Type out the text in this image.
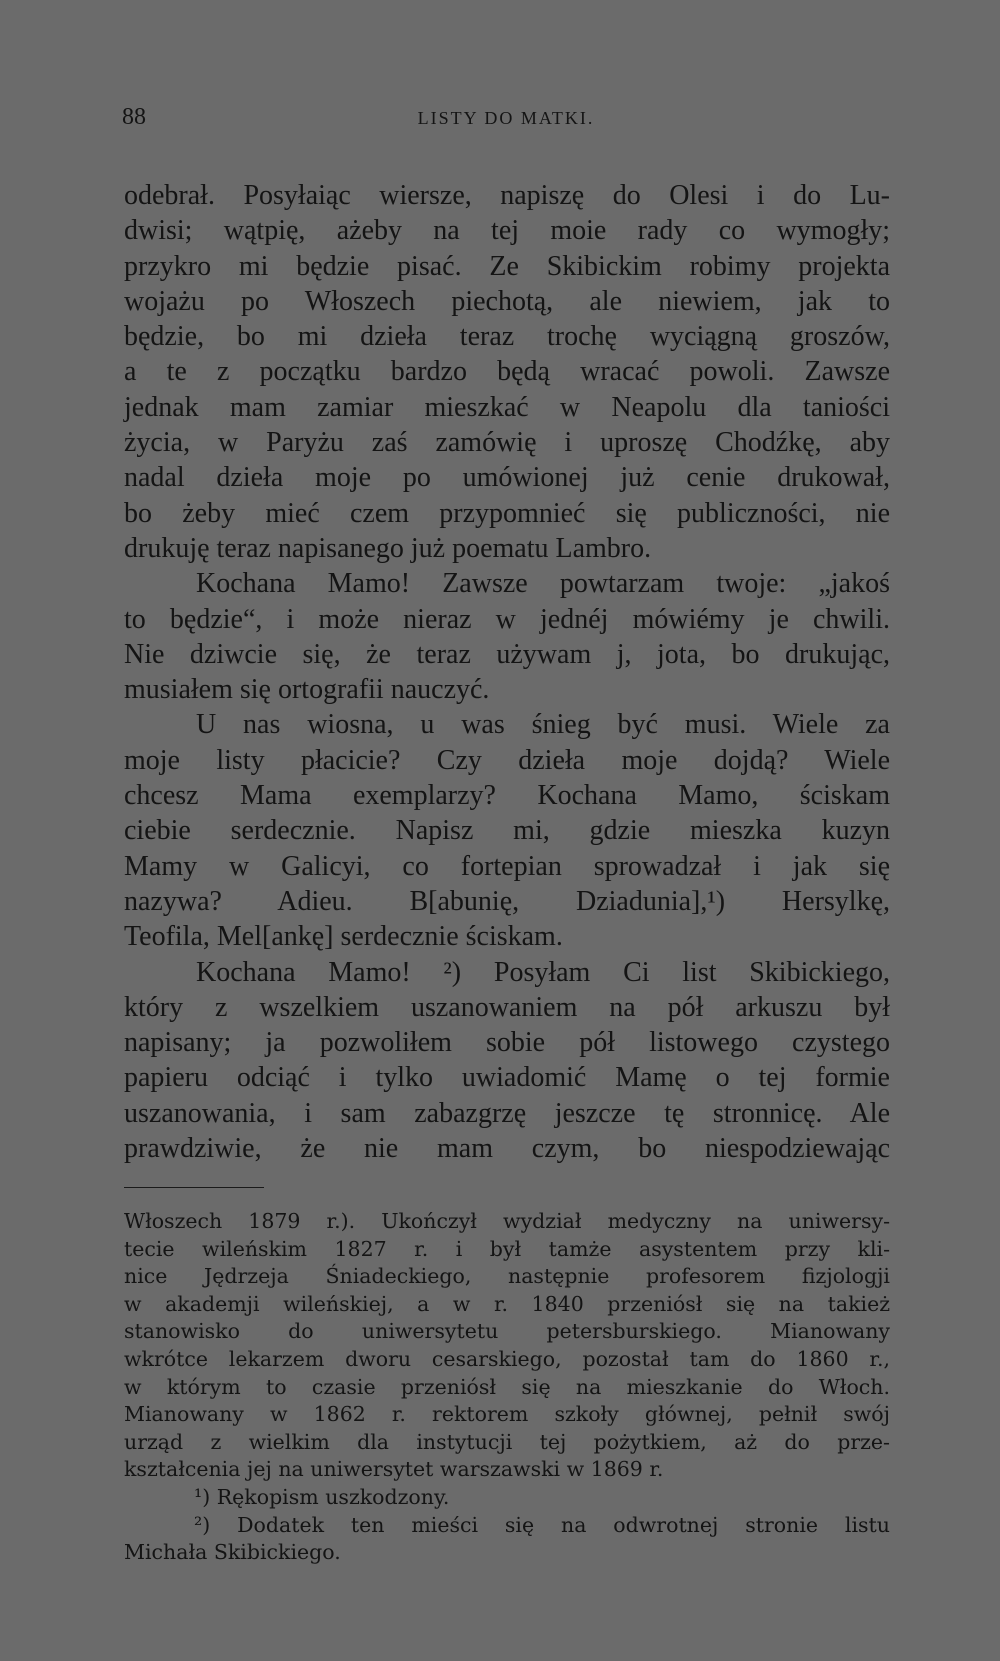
88	LISTY DO MATKI.
odebrał. Posyłaiąc wiersze, napiszę do Olesi i do Lu-
dwisi; wątpię, ażeby na tej moie rady co wymogły;
przykro mi będzie pisać. Ze Skibickim robimy projekta
wojażu po Włoszech piechotą, ale niewiem, jak to
będzie, bo mi dzieła teraz trochę wyciągną groszów,
a te z początku bardzo będą wracać powoli. Zawsze
jednak mam zamiar mieszkać w Neapolu dla taniości
życia, w Paryżu zaś zamówię i uproszę Chodźkę, aby
nadal dzieła moje po umówionej już cenie drukował,
bo żeby mieć czem przypomnieć się publiczności, nie
drukuję teraz napisanego już poematu Lambro.
Kochana Mamo! Zawsze powtarzam twoje: „jakoś
to będzie“, i może nieraz w jednéj mówiémy je chwili.
Nie dziwcie się, że teraz używam j, jota, bo drukując,
musiałem się ortografii nauczyć.
U nas wiosna, u was śnieg być musi. Wiele za
moje listy płacicie? Czy dzieła moje dojdą? Wiele
chcesz Mama exemplarzy? Kochana Mamo, ściskam
ciebie serdecznie. Napisz mi, gdzie mieszka kuzyn
Mamy w Galicyi, co fortepian sprowadzał i jak się
nazywa? Adieu. B[abunię, Dziadunia],¹) Hersylkę,
Teofila, Mel[ankę] serdecznie ściskam.
Kochana Mamo! ²) Posyłam Ci list Skibickiego,
który z wszelkiem uszanowaniem na pół arkuszu był
napisany; ja pozwoliłem sobie pół listowego czystego
papieru odciąć i tylko uwiadomić Mamę o tej formie
uszanowania, i sam zabazgrzę jeszcze tę stronnicę. Ale
prawdziwie, że nie mam czym, bo niespodziewając
Włoszech 1879 r.). Ukończył wydział medyczny na uniwersy-
tecie wileńskim 1827 r. i był tamże asystentem przy kli-
nice Jędrzeja Śniadeckiego, następnie profesorem fizjologji
w akademji wileńskiej, a w r. 1840 przeniósł się na takież
stanowisko do uniwersytetu petersburskiego. Mianowany
wkrótce lekarzem dworu cesarskiego, pozostał tam do 1860 r.,
w którym to czasie przeniósł się na mieszkanie do Włoch.
Mianowany w 1862 r. rektorem szkoły głównej, pełnił swój
urząd z wielkim dla instytucji tej pożytkiem, aż do prze-
kształcenia jej na uniwersytet warszawski w 1869 r.
¹) Rękopism uszkodzony.
²) Dodatek ten mieści się na odwrotnej stronie listu
Michała Skibickiego.
